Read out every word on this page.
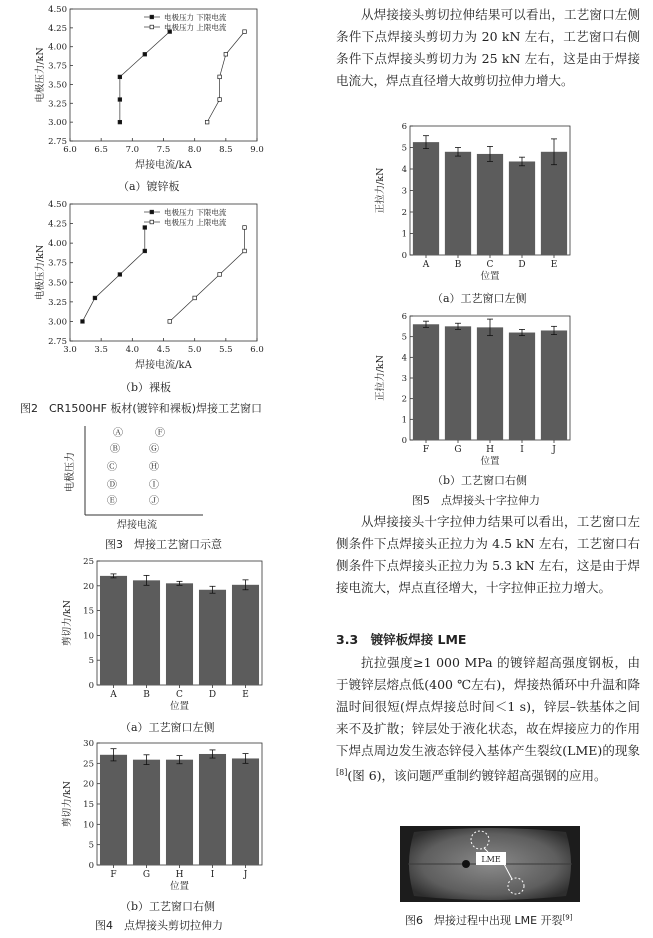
2.75
3.00
3.25
3.50
3.75
4.00
4.25
4.50
电极压力/kN
6.0 6.5 7.0 7.5 8.0 8.5 9.0
焊接电流/kA
电极压力 下限电流
电极压力 上限电流
（a）镀锌板
2.75
3.00
3.25
3.50
3.75
4.00
4.25
4.50
电极压力/kN
3.0 3.5 4.0 4.5 5.0 5.5 6.0
焊接电流/kA
电极压力 下限电流
电极压力 上限电流
（b）裸板
图2　CR1500HF 板材(镀锌和裸板)焊接工艺窗口
电极压力
焊接电流
Ⓐ
Ⓑ
Ⓒ
Ⓓ
Ⓔ
Ⓕ
Ⓖ
Ⓗ
Ⓘ
Ⓙ
图3　焊接工艺窗口示意
0
5
10
15
20
25
剪切力/kN
A	B	C	D	E
位置
（a）工艺窗口左侧
0
5
10
15
20
25
30
剪切力/kN
F	G	H	I	J
位置
（b）工艺窗口右侧
图4　点焊接头剪切拉伸力

从焊接接头剪切拉伸结果可以看出，工艺窗口左侧条件下点焊接头剪切力为 20 kN 左右，工艺窗口右侧条件下点焊接头剪切力为 25 kN 左右，这是由于焊接电流大，焊点直径增大故剪切拉伸力增大。

0
1
2
3
4
5
6
正拉力/kN
A	B	C	D	E
位置
（a）工艺窗口左侧
0
1
2
3
4
5
6
正拉力/kN
F	G	H	I	J
位置
（b）工艺窗口右侧
图5　点焊接头十字拉伸力

从焊接接头十字拉伸力结果可以看出，工艺窗口左侧条件下点焊接头正拉力为 4.5 kN 左右，工艺窗口右侧条件下点焊接头正拉力为 5.3 kN 左右，这是由于焊接电流大，焊点直径增大，十字拉伸正拉力增大。

3.3　镀锌板焊接 LME

抗拉强度≥1 000 MPa 的镀锌超高强度钢板，由于镀锌层熔点低(400 ℃左右)，焊接热循环中升温和降温时间很短(焊点焊接总时间＜1 s)，锌层–铁基体之间来不及扩散；锌层处于液化状态，故在焊接应力的作用下焊点周边发生液态锌侵入基体产生裂纹(LME)的现象[8](图 6)，该问题严重制约镀锌超高强钢的应用。

LME
图6　焊接过程中出现 LME 开裂[9]
